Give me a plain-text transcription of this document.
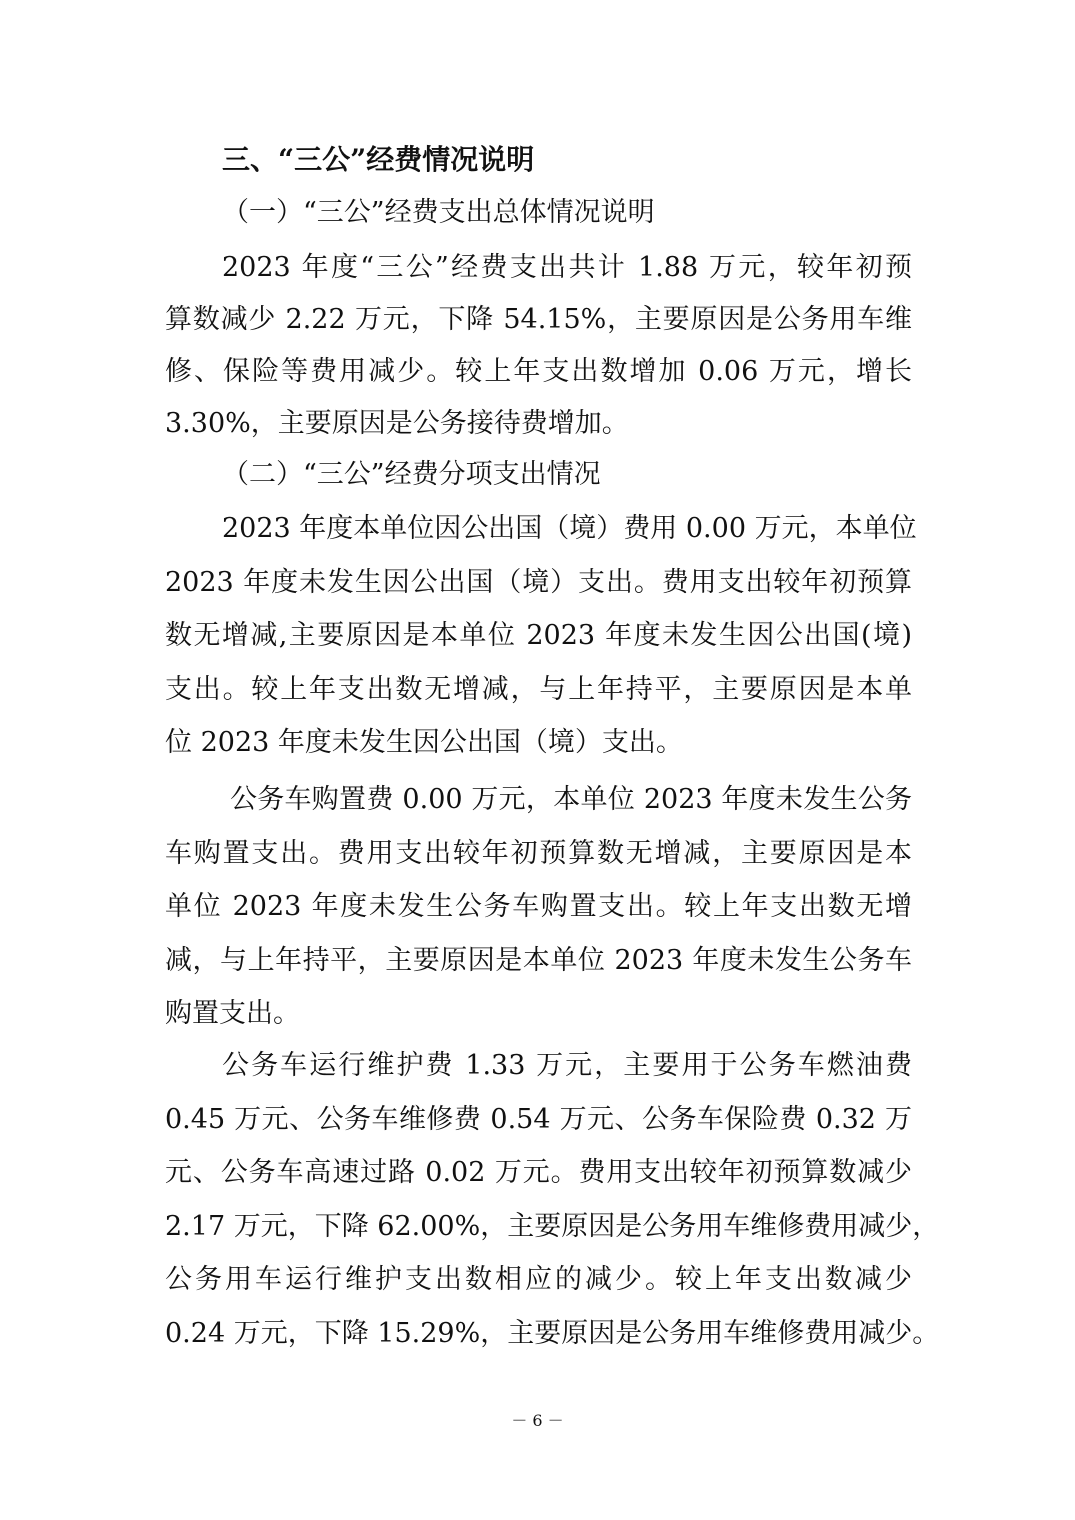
三、“三公”经费情况说明
（一）“三公”经费支出总体情况说明
2023 年度“三公”经费支出共计 1.88 万元，较年初预
算数减少 2.22 万元，下降 54.15%，主要原因是公务用车维
修、保险等费用减少。较上年支出数增加 0.06 万元，增长
3.30%，主要原因是公务接待费增加。
（二）“三公”经费分项支出情况
2023 年度本单位因公出国（境）费用 0.00 万元，本单位
2023 年度未发生因公出国（境）支出。费用支出较年初预算
数无增减,主要原因是本单位 2023 年度未发生因公出国(境)
支出。较上年支出数无增减，与上年持平，主要原因是本单
位 2023 年度未发生因公出国（境）支出。
公务车购置费 0.00 万元，本单位 2023 年度未发生公务
车购置支出。费用支出较年初预算数无增减，主要原因是本
单位 2023 年度未发生公务车购置支出。较上年支出数无增
减，与上年持平，主要原因是本单位 2023 年度未发生公务车
购置支出。
公务车运行维护费 1.33 万元，主要用于公务车燃油费
0.45 万元、公务车维修费 0.54 万元、公务车保险费 0.32 万
元、公务车高速过路 0.02 万元。费用支出较年初预算数减少
2.17 万元，下降 62.00%，主要原因是公务用车维修费用减少，
公务用车运行维护支出数相应的减少。较上年支出数减少
0.24 万元，下降 15.29%，主要原因是公务用车维修费用减少。
－ 6 －
